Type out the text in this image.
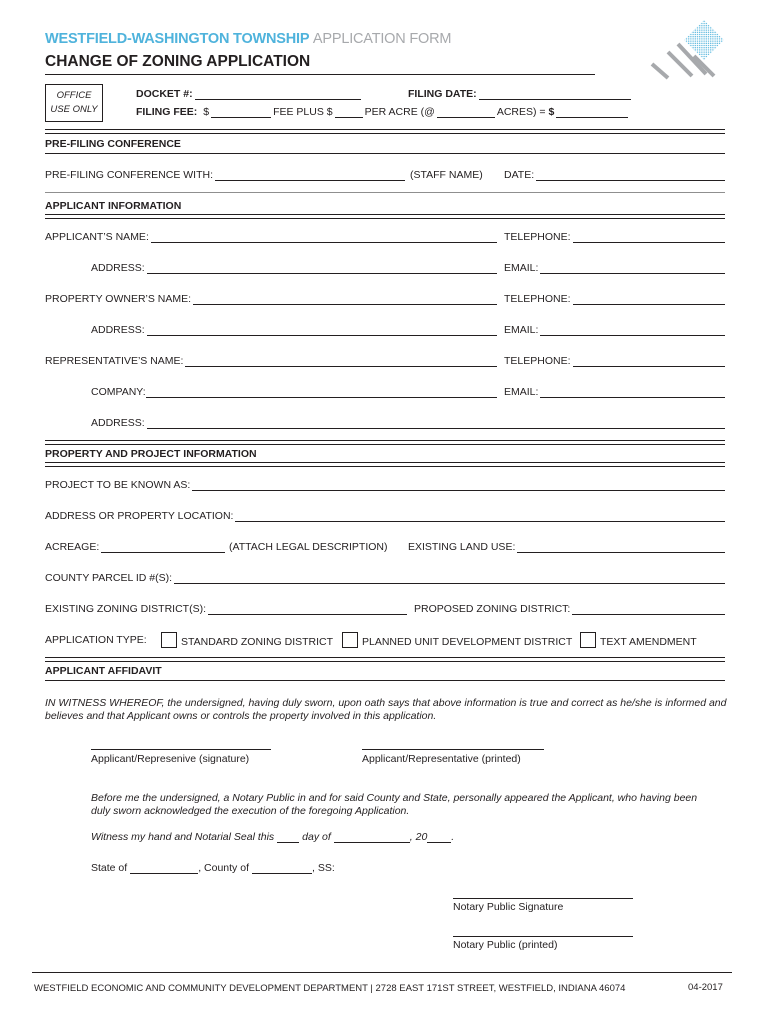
WESTFIELD-WASHINGTON TOWNSHIP APPLICATION FORM
CHANGE OF ZONING APPLICATION
OFFICE
USE ONLY
DOCKET #:	FILING DATE:
FILING FEE: $	FEE PLUS $	PER ACRE (@	ACRES) = $
PRE-FILING CONFERENCE
PRE-FILING CONFERENCE WITH:	(STAFF NAME) DATE:
APPLICANT INFORMATION
APPLICANT’S NAME:	TELEPHONE:
ADDRESS:	EMAIL:
PROPERTY OWNER’S NAME:	TELEPHONE:
ADDRESS:	EMAIL:
REPRESENTATIVE’S NAME:	TELEPHONE:
COMPANY:	EMAIL:
ADDRESS:
PROPERTY AND PROJECT INFORMATION
PROJECT TO BE KNOWN AS:
ADDRESS OR PROPERTY LOCATION:
ACREAGE:	(ATTACH LEGAL DESCRIPTION) EXISTING LAND USE:
COUNTY PARCEL ID #(S):
EXISTING ZONING DISTRICT(S):	PROPOSED ZONING DISTRICT:
APPLICATION TYPE:	STANDARD ZONING DISTRICT	PLANNED UNIT DEVELOPMENT DISTRICT	TEXT AMENDMENT
APPLICANT AFFIDAVIT
IN WITNESS WHEREOF, the undersigned, having duly sworn, upon oath says that above information is true and correct as he/she is informed and believes and that Applicant owns or controls the property involved in this application.
Applicant/Represenive (signature)	Applicant/Representative (printed)
Before me the undersigned, a Notary Public in and for said County and State, personally appeared the Applicant, who having been duly sworn acknowledged the execution of the foregoing Application.
Witness my hand and Notarial Seal this	day of	, 20 .
State of	, County of	, SS:
Notary Public Signature
Notary Public (printed)
WESTFIELD ECONOMIC AND COMMUNITY DEVELOPMENT DEPARTMENT | 2728 EAST 171ST STREET, WESTFIELD, INDIANA 46074	04-2017
